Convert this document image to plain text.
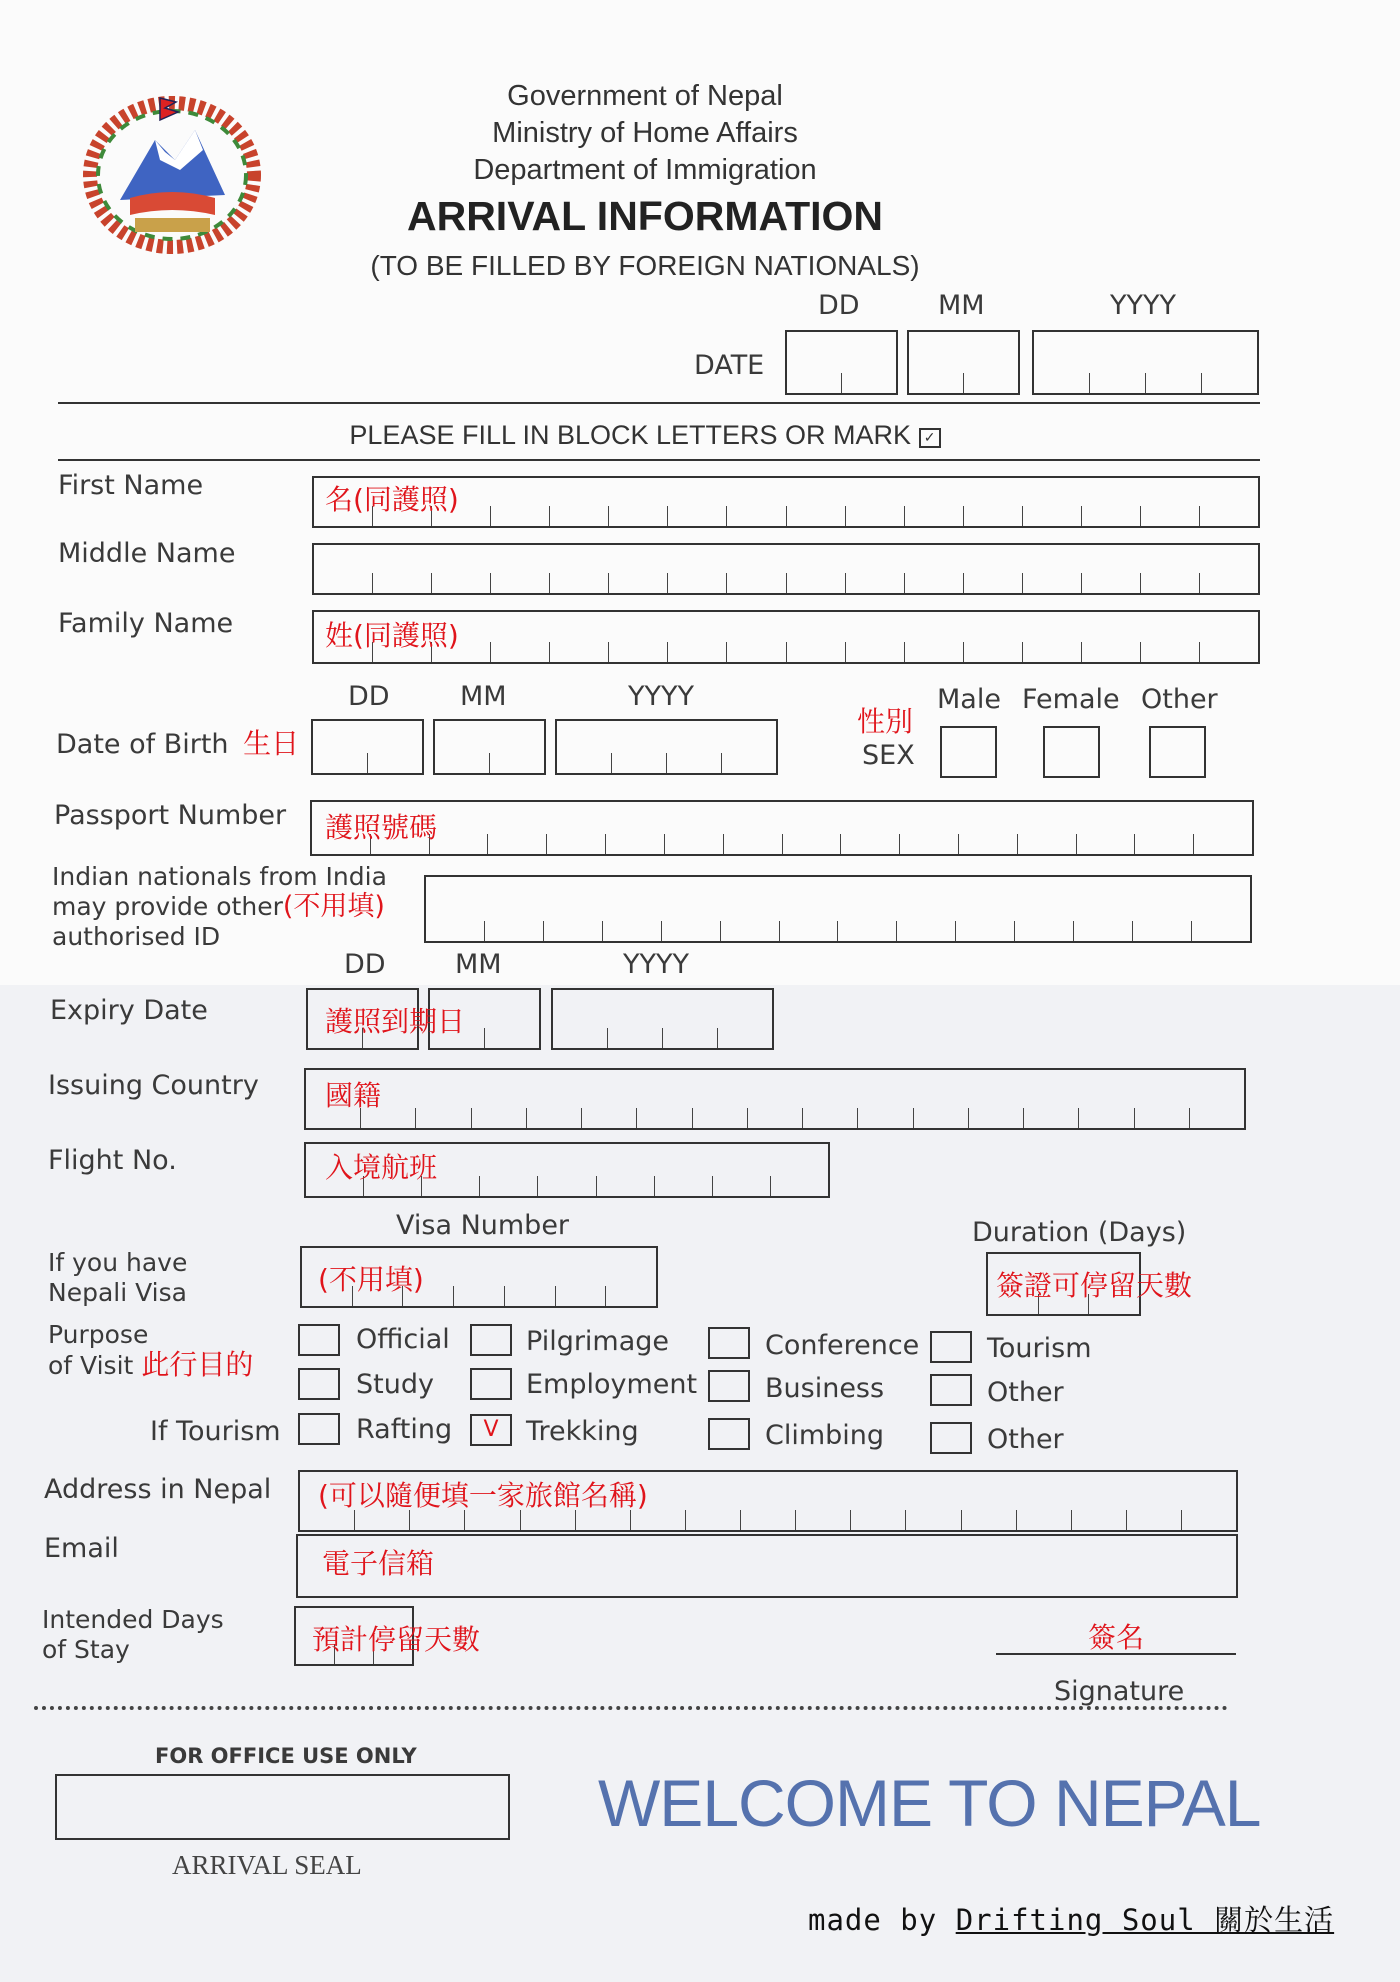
Government of Nepal
Ministry of Home Affairs
Department of Immigration
ARRIVAL INFORMATION
(TO BE FILLED BY FOREIGN NATIONALS)
DD	MM	YYYY
DATE
PLEASE FILL IN BLOCK LETTERS OR MARK ✓
First Name	名(同護照)
Middle Name
Family Name	姓(同護照)
DD	MM	YYYY
Date of Birth 生日
性別
SEX
Male Female Other
Passport Number 護照號碼
Indian nationals from India
may provide other(不用填)
authorised ID
DD	MM	YYYY
Expiry Date	護照到期日
Issuing Country 國籍
Flight No.	入境航班
Visa Number	Duration (Days)
If you have
Nepali Visa	(不用填)	簽證可停留天數
Purpose
of Visit 此行目的
Official	Pilgrimage	Conference	Tourism
Study	Employment	Business	Other
If Tourism	Rafting	V	Trekking	Climbing	Other
Address in Nepal (可以隨便填一家旅館名稱)
Email	電子信箱
Intended Days
of Stay	預計停留天數	簽名
Signature
FOR OFFICE USE ONLY
ARRIVAL SEAL
WELCOME TO NEPAL
made by Drifting Soul 關於生活
